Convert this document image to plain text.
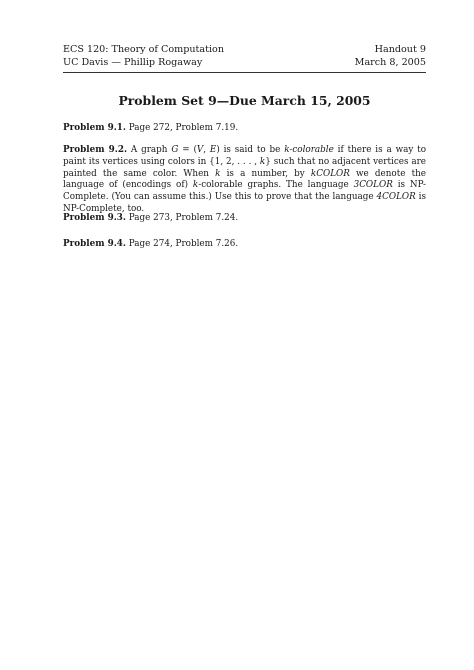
ECS 120: Theory of Computation	Handout 9
UC Davis — Phillip Rogaway	March 8, 2005
Problem Set 9—Due March 15, 2005
Problem 9.1. Page 272, Problem 7.19.
Problem 9.2. A graph G = (V, E) is said to be k-colorable if there is a way to paint its vertices using colors in {1, 2, . . . , k} such that no adjacent vertices are painted the same color. When k is a number, by kCOLOR we denote the language of (encodings of) k-colorable graphs. The language 3COLOR is NP-Complete. (You can assume this.) Use this to prove that the language 4COLOR is NP-Complete, too.
Problem 9.3. Page 273, Problem 7.24.
Problem 9.4. Page 274, Problem 7.26.
